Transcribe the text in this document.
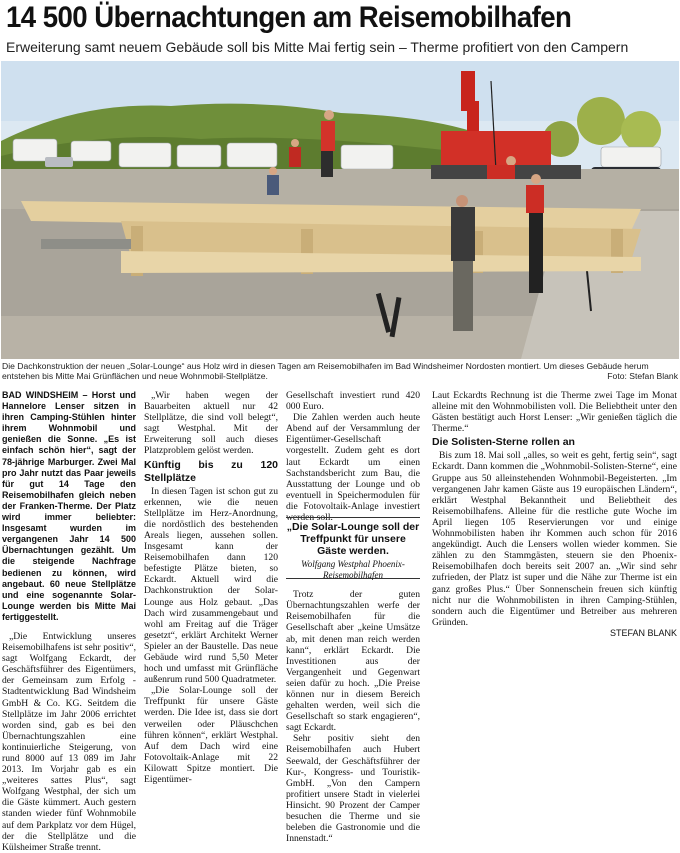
14 500 Übernachtungen am Reisemobilhafen
Erweiterung samt neuem Gebäude soll bis Mitte Mai fertig sein – Therme profitiert von den Campern
Die Dachkonstruktion der neuen „Solar-Lounge“ aus Holz wird in diesen Tagen am Reisemobilhafen im Bad Windsheimer Nordosten montiert. Um dieses Gebäude herum entstehen bis Mitte Mai Grünflächen und neue Wohnmobil-Stellplätze.	Foto: Stefan Blank

BAD WINDSHEIM – Horst und Hannelore Lenser sitzen in ihren Camping-Stühlen hinter ihrem Wohnmobil und genießen die Sonne. „Es ist einfach schön hier“, sagt der 78-jährige Marburger. Zwei Mal pro Jahr nutzt das Paar jeweils für gut 14 Tage den Reisemobilhafen gleich neben der Franken-Therme. Der Platz wird immer beliebter: Insgesamt wurden im vergangenen Jahr 14 500 Übernachtungen gezählt. Um die steigende Nachfrage bedienen zu können, wird angebaut. 60 neue Stellplätze und eine sogenannte Solar-Lounge werden bis Mitte Mai fertiggestellt.

„Die Entwicklung unseres Reisemobilhafens ist sehr positiv“, sagt Wolfgang Eckardt, der Geschäftsführer des Eigentümers, der Gemeinsam zum Erfolg - Stadtentwicklung Bad Windsheim GmbH & Co. KG. Seitdem die Stellplätze im Jahr 2006 errichtet worden sind, gab es bei den Übernachtungszahlen eine kontinuierliche Steigerung, von rund 8000 auf 13 089 im Jahr 2013. Im Vorjahr gab es ein „weiteres sattes Plus“, sagt Wolfgang Westphal, der sich um die Gäste kümmert. Auch gestern standen wieder fünf Wohnmobile auf dem Parkplatz vor dem Hügel, der die Stellplätze und die Külsheimer Straße trennt.

„Wir haben wegen der Bauarbeiten aktuell nur 42 Stellplätze, die sind voll belegt“, sagt Westphal. Mit der Erweiterung soll auch dieses Platzproblem gelöst werden.

Künftig bis zu 120 Stellplätze

In diesen Tagen ist schon gut zu erkennen, wie die neuen Stellplätze im Herz-Anordnung, die nordöstlich des bestehenden Areals liegen, aussehen sollen. Insgesamt kann der Reisemobilhafen dann 120 befestigte Plätze bieten, so Eckardt. Aktuell wird die Dachkonstruktion der Solar-Lounge aus Holz gebaut. „Das Dach wird zusammengebaut und wohl am Freitag auf die Träger gesetzt“, erklärt Architekt Werner Spieler an der Baustelle. Das neue Gebäude wird rund 5,50 Meter hoch und umfasst mit Grünfläche außenrum rund 500 Quadratmeter.

„Die Solar-Lounge soll der Treffpunkt für unsere Gäste werden. Die Idee ist, dass sie dort verweilen oder Pläuschchen führen können“, erklärt Westphal. Auf dem Dach wird eine Fotovoltaik-Anlage mit 22 Kilowatt Spitze montiert. Die Eigentümer-

Gesellschaft investiert rund 420 000 Euro.

Die Zahlen werden auch heute Abend auf der Versammlung der Eigentümer-Gesellschaft vorgestellt. Zudem geht es dort laut Eckardt um einen Sachstandsbericht zum Bau, die Ausstattung der Lounge und ob eventuell in Speichermodulen für die Fotovoltaik-Anlage investiert werden soll.

Trotz der guten Übernachtungszahlen werfe der Reisemobilhafen für die Gesellschaft aber „keine Umsätze ab, mit denen man reich werden kann“, erklärt Eckardt. Die Investitionen aus der Vergangenheit und Gegenwart seien dafür zu hoch. „Die Preise können nur in diesem Bereich gehalten werden, weil sich die Gesellschaft so stark engagieren“, sagt Eckardt.

Sehr positiv sieht den Reisemobilhafen auch Hubert Seewald, der Geschäftsführer der Kur-, Kongress- und Touristik-GmbH. „Von den Campern profitiert unsere Stadt in vielerlei Hinsicht. 90 Prozent der Camper besuchen die Therme und sie beleben die Gastronomie und die Innenstadt.“

„Die Solar-Lounge soll der Treffpunkt für unsere Gäste werden.
Wolfgang Westphal Phoenix-Reisemobilhafen

Laut Eckardts Rechnung ist die Therme zwei Tage im Monat alleine mit den Wohnmobilisten voll. Die Beliebtheit unter den Gästen bestätigt auch Horst Lenser: „Wir genießen täglich die Therme.“

Die Solisten-Sterne rollen an

Bis zum 18. Mai soll „alles, so weit es geht, fertig sein“, sagt Eckardt. Dann kommen die „Wohnmobil-Solisten-Sterne“, eine Gruppe aus 50 alleinstehenden Wohnmobil-Begeisterten. „Im vergangenen Jahr kamen Gäste aus 19 europäischen Ländern“, erklärt Westphal Bekanntheit und Beliebtheit des Reisemobilhafens. Alleine für die restliche gute Woche im April liegen 105 Reservierungen vor und einige Wohnmobilisten haben ihr Kommen auch schon für 2016 angekündigt. Auch die Lensers wollen wieder kommen. Sie zählen zu den Stammgästen, steuern sie den Phoenix-Reisemobilhafen doch bereits seit 2007 an. „Wir sind sehr zufrieden, der Platz ist super und die Nähe zur Therme ist ein ganz großes Plus.“ Über Sonnenschein freuen sich künftig nicht nur die Wohnmobilisten in ihren Camping-Stühlen, sondern auch die Eigentümer und Betreiber aus mehreren Gründen.

STEFAN BLANK
